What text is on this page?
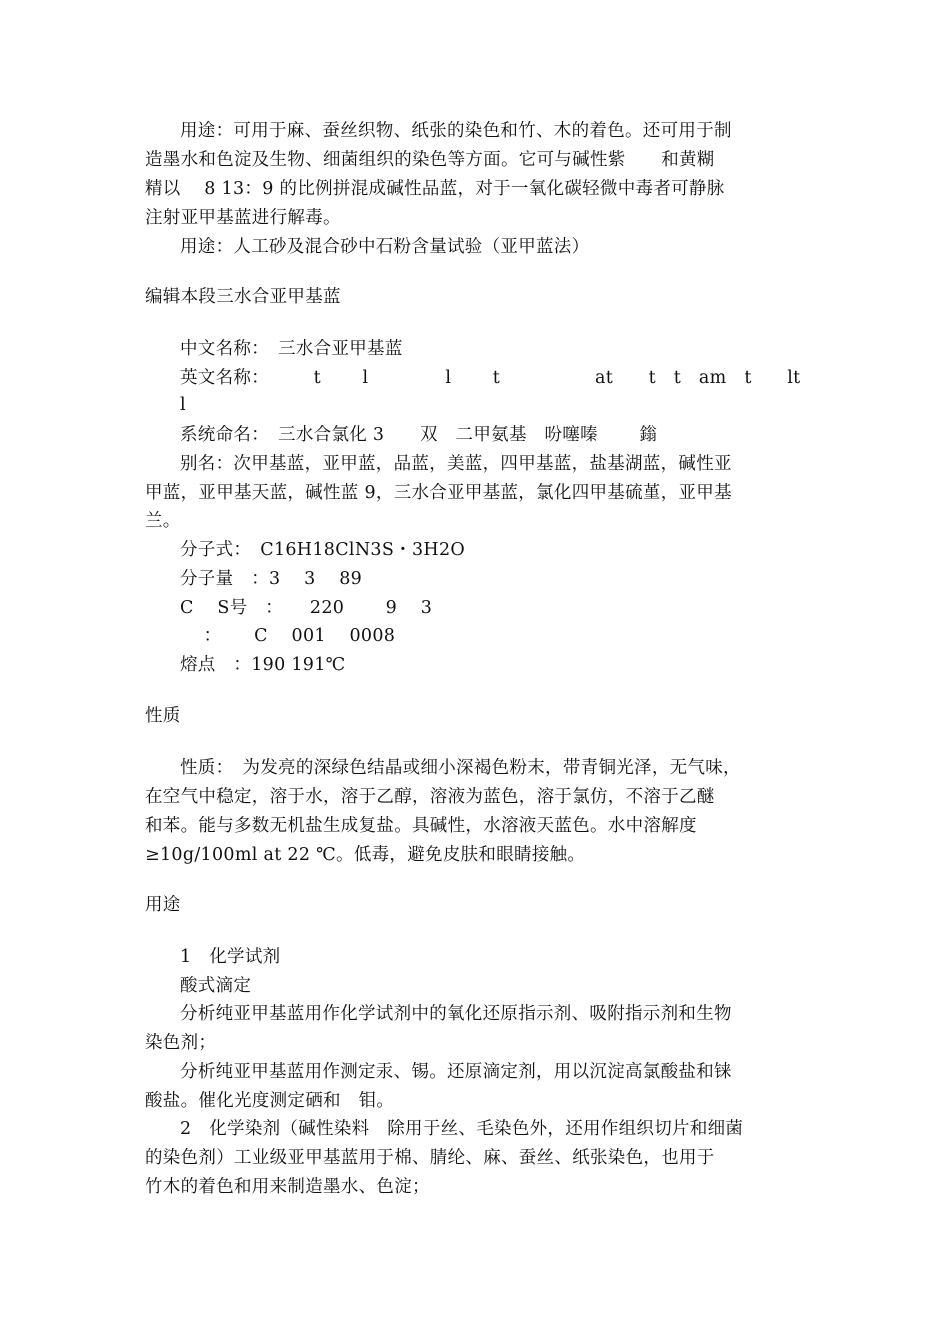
用途：可用于麻、蚕丝织物、纸张的染色和竹、木的着色。还可用于制
造墨水和色淀及生物、细菌组织的染色等方面。它可与碱性紫　　和黄糊
精以　 8 13：9 的比例拼混成碱性品蓝，对于一氧化碳轻微中毒者可静脉
注射亚甲基蓝进行解毒。
用途：人工砂及混合砂中石粉含量试验（亚甲蓝法）
编辑本段三水合亚甲基蓝
中文名称：　三水合亚甲基蓝
英文名称：　　　t　　 l　　　　 l　　 t　　　　　 at　　t　t　am　t　　lt
l
系统命名：　三水合氯化 3　　双　二甲氨基　吩噻嗪　　 鎓
别名：次甲基蓝，亚甲蓝，品蓝，美蓝，四甲基蓝，盐基湖蓝，碱性亚
甲蓝，亚甲基天蓝，碱性蓝 9，三水合亚甲基蓝，氯化四甲基硫堇，亚甲基
兰。
分子式：　C16H18ClN3S・3H2O
分子量　：3　 3　 89
C　 S号　：　　220　　 9　 3
　 ：　　 C　 001　 0008
熔点　：190 191℃
性质
性质：　为发亮的深绿色结晶或细小深褐色粉末，带青铜光泽，无气味，
在空气中稳定，溶于水，溶于乙醇，溶液为蓝色，溶于氯仿，不溶于乙醚
和苯。能与多数无机盐生成复盐。具碱性，水溶液天蓝色。水中溶解度
≥10g/100ml at 22 ℃。低毒，避免皮肤和眼睛接触。
用途
1　化学试剂
酸式滴定
分析纯亚甲基蓝用作化学试剂中的氧化还原指示剂、吸附指示剂和生物
染色剂；
分析纯亚甲基蓝用作测定汞、锡。还原滴定剂，用以沉淀高氯酸盐和铼
酸盐。催化光度测定硒和　钼。
2　化学染剂（碱性染料　除用于丝、毛染色外，还用作组织切片和细菌
的染色剂）工业级亚甲基蓝用于棉、腈纶、麻、蚕丝、纸张染色，也用于
竹木的着色和用来制造墨水、色淀；
